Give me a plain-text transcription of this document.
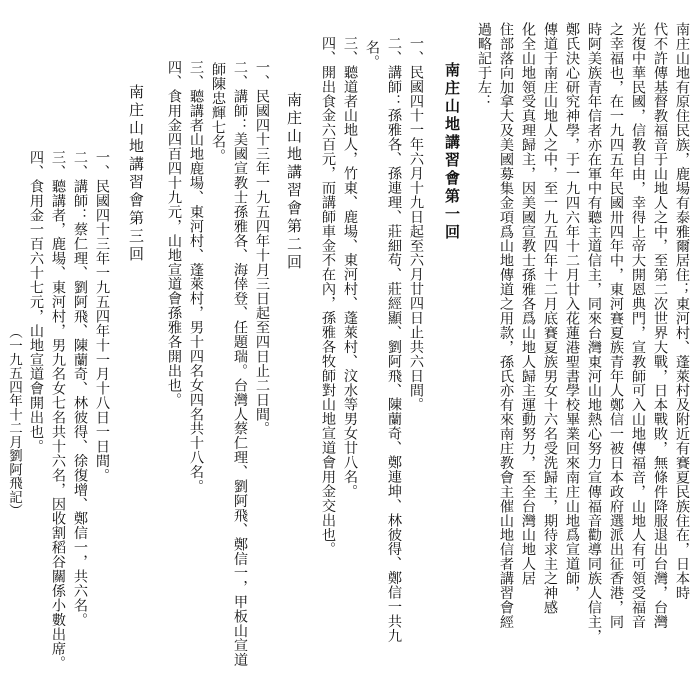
南庄山地有原住民族，鹿場有泰雅爾居住；東河村、蓬萊村及附近有賽夏民族住在，日本時
代不許傳基督教福音于山地人之中，至第二次世界大戰，日本戰敗，無條件降服退出台灣，台灣
光復中華民國，信教自由，幸得上帝大開恩典門，宣教師可入山地傳福音，山地人有可領受福音
之幸福也，在一九四五年民國卅四年中，東河賽夏族青年人鄭信一被日本政府選派出征香港，同
時阿美族青年信者亦在軍中有聽主道信主，同來台灣東河山地熱心努力宣傳福音勸導同族人信主，
鄭氏決心研究神學，于一九四六年十二月廿入花蓮港聖書學校畢業回來南庄山地爲宣道師，
傳道于南庄山地人之中，至一九五四年十二月底賽夏族男女十六名受洗歸主，期待求主之神感
化全山地領受真理歸主，因美國宣教士孫雅各爲山地人歸主運動努力，至全台灣山地人居
住部落向加拿大及美國募集金項爲山地傳道之用款，孫氏亦有來南庄教會主催山地信者講習會經
過略記于左：
南庄山地講習會第一回
一、民國四十一年六月十九日起至六月廿四日止共六日間。
二、講師：孫雅各、孫連理、莊細苟、莊經顯、劉阿飛、陳蘭奇、鄭連坤、林彼得、鄭信一共九
名。
三、聽道者山地人，竹東、鹿場、東河村、蓬萊村、汶水等男女廿八名。
四、開出食金六百元，而講師車金不在內，孫雅各牧師對山地宣道會用金交出也。
南庄山地講習會第二回
一、民國四十三年一九五四年十月三日起至四日止二日間。
二、講師：美國宣教士孫雅各、海倖登、任題瑞。台灣人蔡仁理、劉阿飛、鄭信一，甲板山宣道
師陳忠輝七名。
三、聽講者山地鹿場、東河村、蓬萊村，男十四名女四名共十八名。
四、食用金四百四十九元，山地宣道會孫雅各開出也。
南庄山地講習會第三回
一、民國四十三年一九五四年十一月十八日一日間。
二、講師：蔡仁理、劉阿飛、陳蘭奇、林彼得、徐復增、鄭信一，共六名。
三、聽講者，鹿場、東河村，男九名女七名共十六名，因收割稻谷關係小數出席。
四、食用金一百六十七元，山地宣道會開出也。
（一九五四年十二月劉阿飛記）
